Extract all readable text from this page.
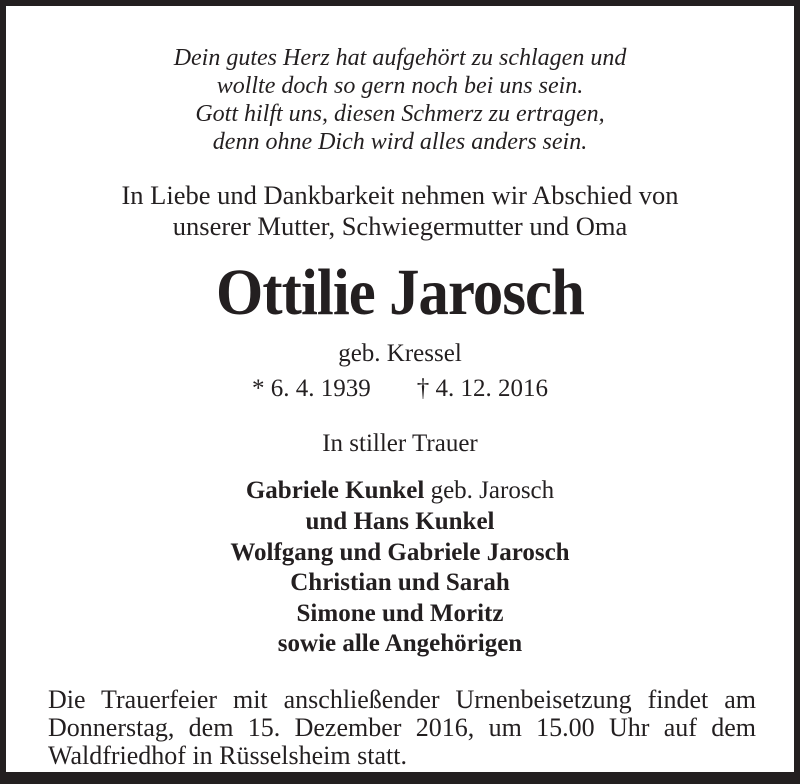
Dein gutes Herz hat aufgehört zu schlagen und
wollte doch so gern noch bei uns sein.
Gott hilft uns, diesen Schmerz zu ertragen,
denn ohne Dich wird alles anders sein.
In Liebe und Dankbarkeit nehmen wir Abschied von
unserer Mutter, Schwiegermutter und Oma
Ottilie Jarosch
geb. Kressel
* 6. 4. 1939 † 4. 12. 2016
In stiller Trauer
Gabriele Kunkel geb. Jarosch
und Hans Kunkel
Wolfgang und Gabriele Jarosch
Christian und Sarah
Simone und Moritz
sowie alle Angehörigen
Die Trauerfeier mit anschließender Urnenbeisetzung findet am
Donnerstag, dem 15. Dezember 2016, um 15.00 Uhr auf dem
Waldfriedhof in Rüsselsheim statt.
